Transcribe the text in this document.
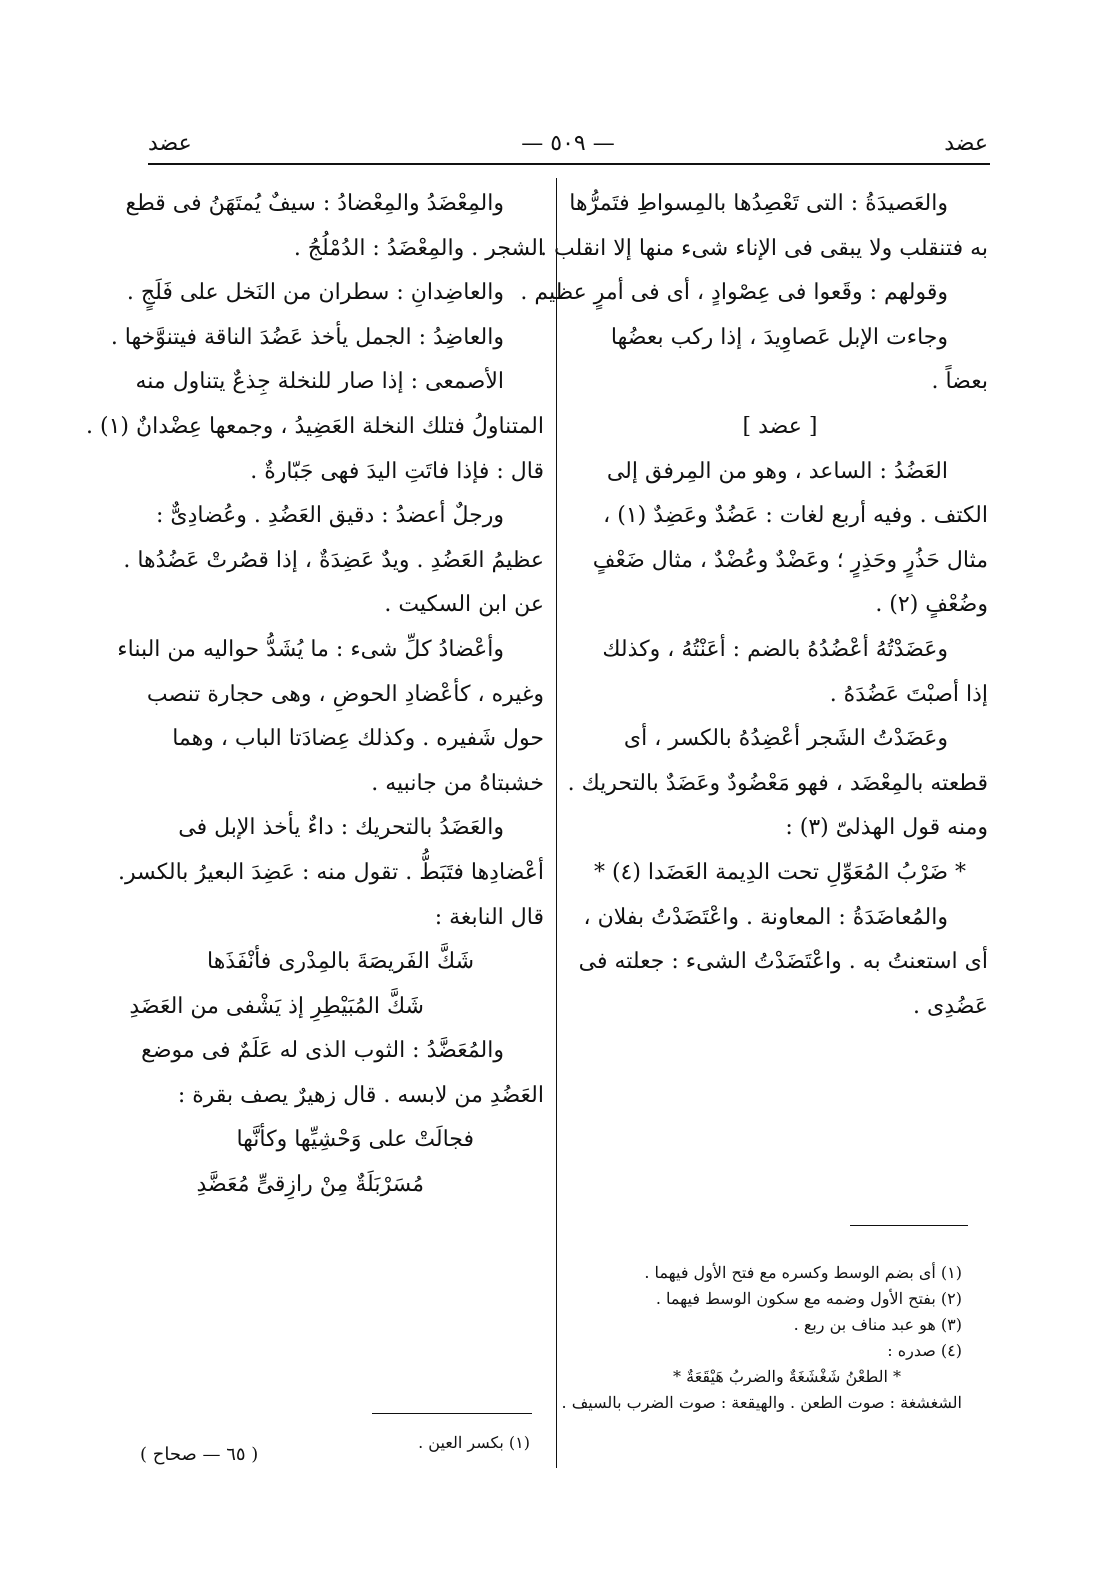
عضد
— ٥٠٩ —
عضد

والعَصيدَةُ : التى تَعْصِدُها بالمِسواطِ فتَمرُّها

به فتنقلب ولا يبقى فى الإناء شىء منها إلا انقلب .

وقولهم : وقَعوا فى عِصْوادٍ ، أى فى أمرٍ عظيم .

وجاءت الإبل عَصاوِيدَ ، إذا ركب بعضُها

بعضاً .

[ عضد ]

العَضُدُ : الساعد ، وهو من المِرفق إلى

الكتف . وفيه أربع لغات : عَضُدٌ وعَضِدٌ (١) ،

مثال حَذُرٍ وحَذِرٍ ؛ وعَضْدٌ وعُضْدٌ ، مثال ضَعْفٍ

وضُعْفٍ (٢) .

وعَضَدْتُهُ أعْضُدُهُ بالضم : أعَنْتُهُ ، وكذلك

إذا أصبْتَ عَضُدَهُ .

وعَضَدْتُ الشَجر أعْضِدُهُ بالكسر ، أى

قطعته بالمِعْضَد ، فهو مَعْضُودٌ وعَضَدٌ بالتحريك .

ومنه قول الهذلىّ (٣) :

* ضَرْبُ المُعَوِّلِ تحت الدِيمة العَضَدا (٤) *

والمُعاضَدَةُ : المعاونة . واعْتَضَدْتُ بفلان ،

أى استعنتُ به . واعْتَضَدْتُ الشىء : جعلته فى

عَضُدِى .

والمِعْضَدُ والمِعْضادُ : سيفٌ يُمتَهَنُ فى قطع

الشجر . والمِعْضَدُ : الدُمْلُجُ .

والعاضِدانِ : سطران من النَخل على فَلَجٍ .

والعاضِدُ : الجمل يأخذ عَضُدَ الناقة فيتنوَّخها .

الأصمعى : إذا صار للنخلة جِذعٌ يتناول منه

المتناولُ فتلك النخلة العَضِيدُ ، وجمعها عِضْدانٌ (١) .

قال : فإذا فاتَتِ اليدَ فهى جَبّارةٌ .

ورجلٌ أعضدُ : دقيق العَضُدِ . وعُضادِىٌّ :

عظيمُ العَضُدِ . ويدٌ عَضِدَةٌ ، إذا قصُرتْ عَضُدُها .

عن ابن السكيت .

وأعْضادُ كلِّ شىء : ما يُشَدُّ حواليه من البناء

وغيره ، كأعْضادِ الحوضِ ، وهى حجارة تنصب

حول شَفيره . وكذلك عِضادَتا الباب ، وهما

خشبتاهُ من جانبيه .

والعَضَدُ بالتحريك : داءٌ يأخذ الإبل فى

أعْضادِها فتَبَطُّ . تقول منه : عَضِدَ البعيرُ بالكسر.

قال النابغة :

شَكَّ الفَريصَةَ بالمِدْرى فأنْفَذَها

شَكَّ المُبَيْطِرِ إذ يَشْفى من العَضَدِ

والمُعَضَّدُ : الثوب الذى له عَلَمٌ فى موضع

العَضُدِ من لابسه . قال زهيرٌ يصف بقرة :

فجالَتْ على وَحْشِيِّها وكأنَّها

مُسَرْبَلَةٌ مِنْ رازِقىٍّ مُعَضَّدِ

(١) أى بضم الوسط وكسره مع فتح الأول فيهما .

(٢) بفتح الأول وضمه مع سكون الوسط فيهما .

(٣) هو عبد مناف بن ربع .

(٤) صدره :

* الطعْنُ شَغْشَغَةٌ والضربُ هَيْقَعَةٌ *

الشغشغة : صوت الطعن . والهيقعة : صوت الضرب بالسيف .

(١) بكسر العين .

( ٦٥ — صحاح )
